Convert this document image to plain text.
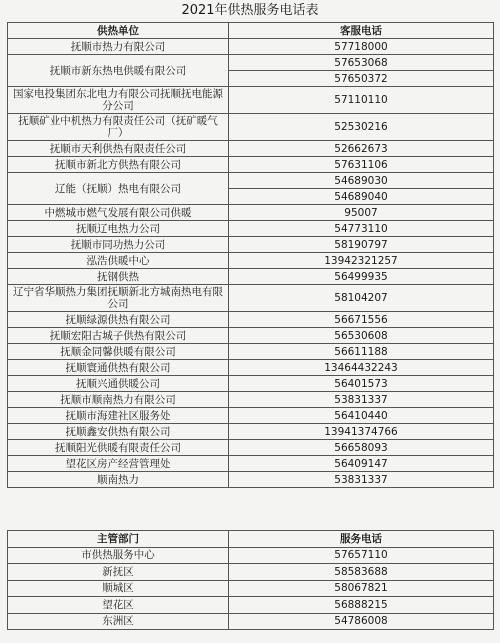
2021年供热服务电话表
供热单位	客服电话
抚顺市热力有限公司	57718000
抚顺市新东热电供暖有限公司	57653068
	57650372
国家电投集团东北电力有限公司抚顺抚电能源分公司	57110110
抚顺矿业中机热力有限责任公司（抚矿暖气厂）	52530216
抚顺市天利供热有限责任公司	52662673
抚顺市新北方供热有限公司	57631106
辽能（抚顺）热电有限公司	54689030
	54689040
中燃城市燃气发展有限公司供暖	95007
抚顺辽电热力公司	54773110
抚顺市同功热力公司	58190797
泓浩供暖中心	13942321257
抚钢供热	56499935
辽宁省华顺热力集团抚顺新北方城南热电有限公司	58104207
抚顺绿源供热有限公司	56671556
抚顺宏阳古城子供热有限公司	56530608
抚顺金同馨供暖有限公司	56611188
抚顺寰通供热有限公司	13464432243
抚顺兴通供暖公司	56401573
抚顺市顺南热力有限公司	53831337
抚顺市海建社区服务处	56410440
抚顺鑫安供热有限公司	13941374766
抚顺阳光供暖有限责任公司	56658093
望花区房产经营管理处	56409147
顺南热力	53831337
主管部门	服务电话
市供热服务中心	57657110
新抚区	58583688
顺城区	58067821
望花区	56888215
东洲区	54786008
